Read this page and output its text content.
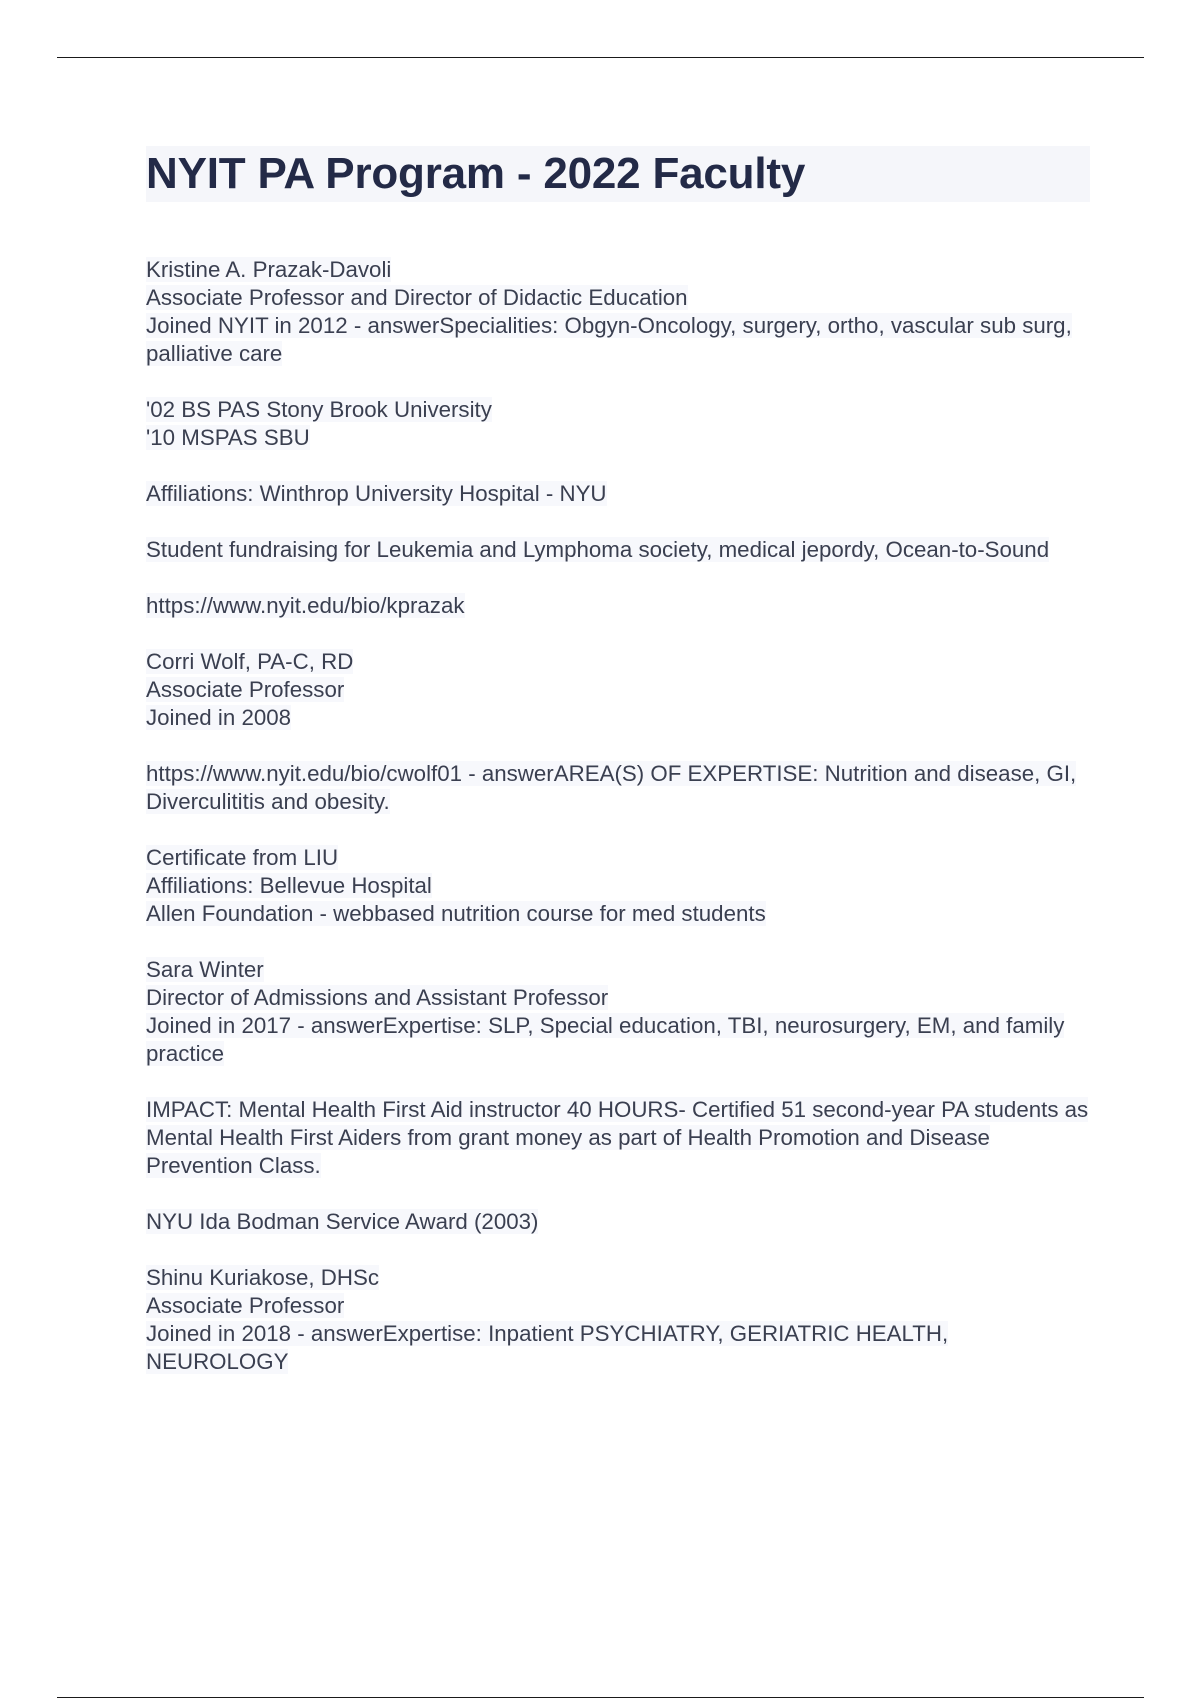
NYIT PA Program - 2022 Faculty
Kristine A. Prazak-Davoli
Associate Professor and Director of Didactic Education
Joined NYIT in 2012 - answerSpecialities: Obgyn-Oncology, surgery, ortho, vascular sub surg, palliative care
'02 BS PAS Stony Brook University
'10 MSPAS SBU
Affiliations: Winthrop University Hospital - NYU
Student fundraising for Leukemia and Lymphoma society, medical jepordy, Ocean-to-Sound
https://www.nyit.edu/bio/kprazak
Corri Wolf, PA-C, RD
Associate Professor
Joined in 2008
https://www.nyit.edu/bio/cwolf01 - answerAREA(S) OF EXPERTISE: Nutrition and disease, GI, Diverculititis and obesity.
Certificate from LIU
Affiliations: Bellevue Hospital
Allen Foundation - webbased nutrition course for med students
Sara Winter
Director of Admissions and Assistant Professor
Joined in 2017 - answerExpertise: SLP, Special education, TBI, neurosurgery, EM, and family practice
IMPACT: Mental Health First Aid instructor 40 HOURS- Certified 51 second-year PA students as Mental Health First Aiders from grant money as part of Health Promotion and Disease Prevention Class.
NYU Ida Bodman Service Award (2003)
Shinu Kuriakose, DHSc
Associate Professor
Joined in 2018 - answerExpertise: Inpatient PSYCHIATRY, GERIATRIC HEALTH, NEUROLOGY
